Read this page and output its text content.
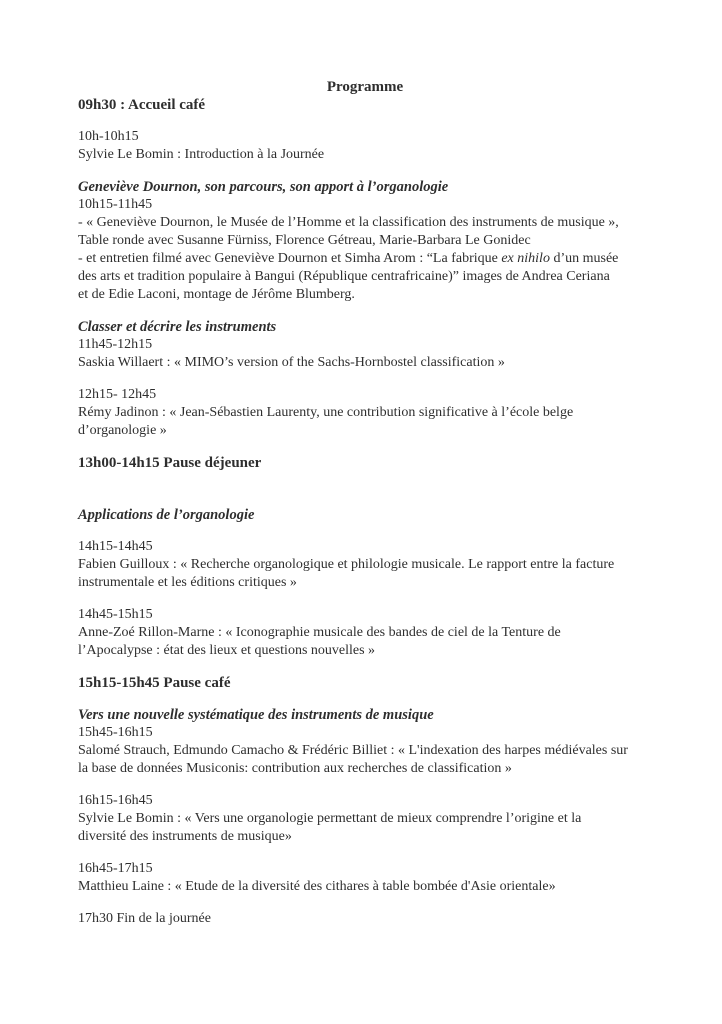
Programme
09h30 : Accueil café
10h-10h15
Sylvie Le Bomin : Introduction à la Journée
Geneviève Dournon, son parcours, son apport à l’organologie
10h15-11h45
- « Geneviève Dournon, le Musée de l’Homme et la classification des instruments de musique »,
Table ronde avec Susanne Fürniss, Florence Gétreau, Marie-Barbara Le Gonidec
- et entretien filmé avec Geneviève Dournon et Simha Arom : “La fabrique ex nihilo d’un musée
des arts et tradition populaire à Bangui (République centrafricaine)” images de Andrea Ceriana
et de Edie Laconi, montage de Jérôme Blumberg.
Classer et décrire les instruments
11h45-12h15
Saskia Willaert : « MIMO’s version of the Sachs-Hornbostel classification »
12h15- 12h45
Rémy Jadinon : « Jean-Sébastien Laurenty, une contribution significative à l’école belge
d’organologie »
13h00-14h15 Pause déjeuner
Applications de l’organologie
14h15-14h45
Fabien Guilloux : « Recherche organologique et philologie musicale. Le rapport entre la facture
instrumentale et les éditions critiques »
14h45-15h15
Anne-Zoé Rillon-Marne : « Iconographie musicale des bandes de ciel de la Tenture de
l’Apocalypse : état des lieux et questions nouvelles »
15h15-15h45 Pause café
Vers une nouvelle systématique des instruments de musique
15h45-16h15
Salomé Strauch, Edmundo Camacho & Frédéric Billiet : « L'indexation des harpes médiévales sur
la base de données Musiconis: contribution aux recherches de classification »
16h15-16h45
Sylvie Le Bomin : « Vers une organologie permettant de mieux comprendre l’origine et la
diversité des instruments de musique»
16h45-17h15
Matthieu Laine : « Etude de la diversité des cithares à table bombée d'Asie orientale»
17h30 Fin de la journée
